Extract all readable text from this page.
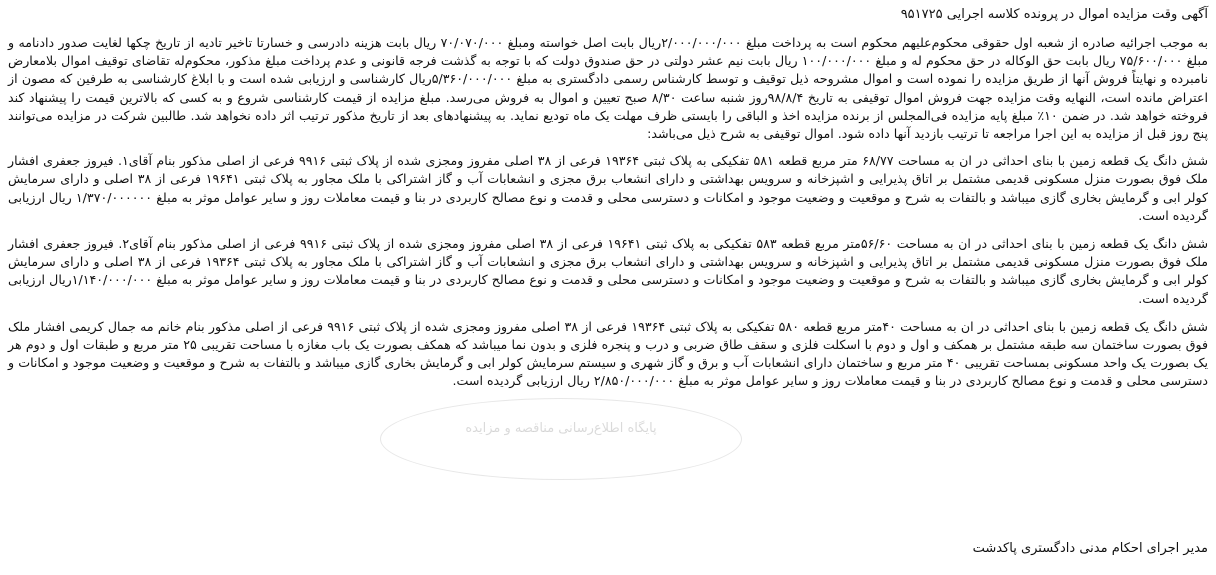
آگهی وقت مزایده اموال در پرونده کلاسه اجرایی ۹۵۱۷۲۵
به موجب اجرائیه صادره از شعبه اول حقوقی محکوم‌علیهم محکوم است به پرداخت مبلغ ۲/۰۰۰/۰۰۰/۰۰۰ریال بابت اصل خواسته ومبلغ ۷۰/۰۷۰/۰۰۰ ریال بابت هزینه دادرسی و خسارتا تاخیر تادیه از تاریخ چکها لغایت صدور دادنامه و مبلغ ۷۵/۶۰۰/۰۰۰ ریال بابت حق الوکاله در حق محکوم له و مبلغ ۱۰۰/۰۰۰/۰۰۰ ریال بابت نیم عشر دولتی در حق صندوق دولت که با توجه به گذشت فرجه قانونی و عدم پرداخت مبلغ مذکور، محکوم‌له تقاضای توقیف اموال بلامعارض نامبرده و نهایتاً فروش آنها از طریق مزایده را نموده است و اموال مشروحه ذیل توقیف و توسط کارشناس رسمی دادگستری به مبلغ ۵/۳۶۰/۰۰۰/۰۰۰ریال کارشناسی و ارزیابی شده است و با ابلاغ کارشناسی به طرفین که مصون از اعتراض مانده است، النهایه وقت مزایده جهت فروش اموال توقیفی به تاریخ ۹۸/۸/۴روز شنبه ساعت ۸/۳۰ صبح تعیین و اموال به فروش می‌رسد. مبلغ مزایده از قیمت کارشناسی شروع و به کسی که بالاترین قیمت را پیشنهاد کند فروخته خواهد شد. در ضمن ۱۰٪ مبلغ پایه مزایده فی‌المجلس از برنده مزایده اخذ و الباقی را بایستی ظرف مهلت یک ماه تودیع نماید. به پیشنهادهای بعد از تاریخ مذکور ترتیب اثر داده نخواهد شد. طالبین شرکت در مزایده می‌توانند پنج روز قبل از مزایده به این اجرا مراجعه تا ترتیب بازدید آنها داده شود. اموال توقیفی به شرح ذیل می‌باشد:
شش دانگ یک قطعه زمین با بنای احداثی در ان به مساحت ۶۸/۷۷ متر مربع قطعه ۵۸۱ تفکیکی به پلاک ثبتی ۱۹۳۶۴ فرعی از ۳۸ اصلی مفروز ومجزی شده از پلاک ثبتی ۹۹۱۶ فرعی از اصلی مذکور بنام آقای۱. فیروز جعفری افشار ملک فوق بصورت منزل مسکونی قدیمی مشتمل بر اتاق پذیرایی و اشپزخانه و سرویس بهداشتی و دارای انشعاب برق مجزی و انشعابات آب و گاز اشتراکی با ملک مجاور به پلاک ثبتی ۱۹۶۴۱ فرعی از ۳۸ اصلی و دارای سرمایش کولر ابی و گرمایش بخاری گازی میباشد و بالتفات به شرح و موقعیت و وضعیت موجود و امکانات و دسترسی محلی و قدمت و نوع مصالح کاربردی در بنا و قیمت معاملات روز و سایر عوامل موثر به مبلغ ۱/۳۷۰/۰۰۰۰۰۰ ریال ارزیابی گردیده است.
شش دانگ یک قطعه زمین با بنای احداثی در ان به مساحت ۵۶/۶۰متر مربع قطعه ۵۸۳ تفکیکی به پلاک ثبتی ۱۹۶۴۱ فرعی از ۳۸ اصلی مفروز ومجزی شده از پلاک ثبتی ۹۹۱۶ فرعی از اصلی مذکور بنام آقای۲. فیروز جعفری افشار ملک فوق بصورت منزل مسکونی قدیمی مشتمل بر اتاق پذیرایی و اشپزخانه و سرویس بهداشتی و دارای انشعاب برق مجزی و انشعابات آب و گاز اشتراکی با ملک مجاور به پلاک ثبتی ۱۹۳۶۴ فرعی از ۳۸ اصلی و دارای سرمایش کولر ابی و گرمایش بخاری گازی میباشد و بالتفات به شرح و موقعیت و وضعیت موجود و امکانات و دسترسی محلی و قدمت و نوع مصالح کاربردی در بنا و قیمت معاملات روز و سایر عوامل موثر به مبلغ ۱/۱۴۰/۰۰۰/۰۰۰ریال ارزیابی گردیده است.
شش دانگ یک قطعه زمین با بنای احداثی در ان به مساحت ۴۰متر مربع قطعه ۵۸۰ تفکیکی به پلاک ثبتی ۱۹۳۶۴ فرعی از ۳۸ اصلی مفروز ومجزی شده از پلاک ثبتی ۹۹۱۶ فرعی از اصلی مذکور بنام خانم مه جمال کریمی افشار ملک فوق بصورت ساختمان سه طبقه مشتمل بر همکف و اول و دوم با اسکلت فلزی و سقف طاق ضربی و درب و پنجره فلزی و بدون نما میباشد که همکف بصورت یک باب مغازه با مساحت تقریبی ۲۵ متر مربع و طبقات اول و دوم هر یک بصورت یک واحد مسکونی بمساحت تقریبی ۴۰ متر مربع و ساختمان دارای انشعابات آب و برق و گاز شهری و سیستم سرمایش کولر ابی و گرمایش بخاری گازی میباشد و بالتفات به شرح و موقعیت و وضعیت موجود و امکانات و دسترسی محلی و قدمت و نوع مصالح کاربردی در بنا و قیمت معاملات روز و سایر عوامل موثر به مبلغ ۲/۸۵۰/۰۰۰/۰۰۰ ریال ارزیابی گردیده است.
پایگاه اطلاع‌رسانی مناقصه و مزایده
مدیر اجرای احکام مدنی دادگستری پاکدشت
